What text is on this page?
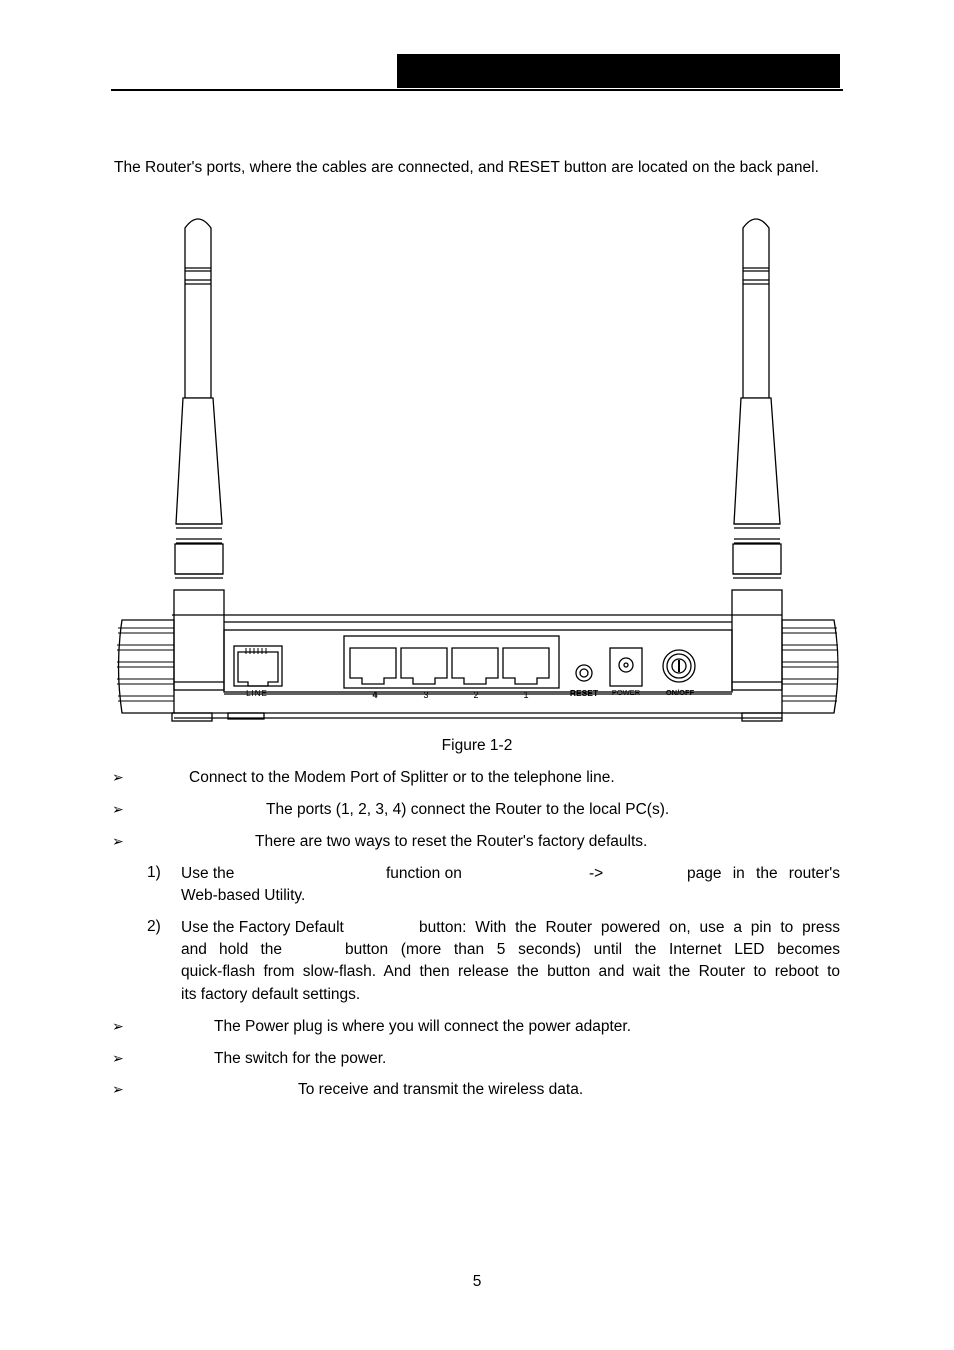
The Router's ports, where the cables are connected, and RESET button are located on the back panel.

LINE	4	3	2	1	RESET POWER	ON/OFF
Figure 1-2
➢	Connect to the Modem Port of Splitter or to the telephone line.

➢	The ports (1, 2, 3, 4) connect the Router to the local PC(s).

➢	There are two ways to reset the Router's factory defaults.

1) Use the	function on	->	page in the router's

Web-based Utility.

2) Use the Factory Default	button: With the Router powered on, use a pin to press

and hold the	button (more than 5 seconds) until the Internet LED becomes

quick-flash from slow-flash. And then release the button and wait the Router to reboot to

its factory default settings.

➢	The Power plug is where you will connect the power adapter.

➢	The switch for the power.

➢	To receive and transmit the wireless data.

5
